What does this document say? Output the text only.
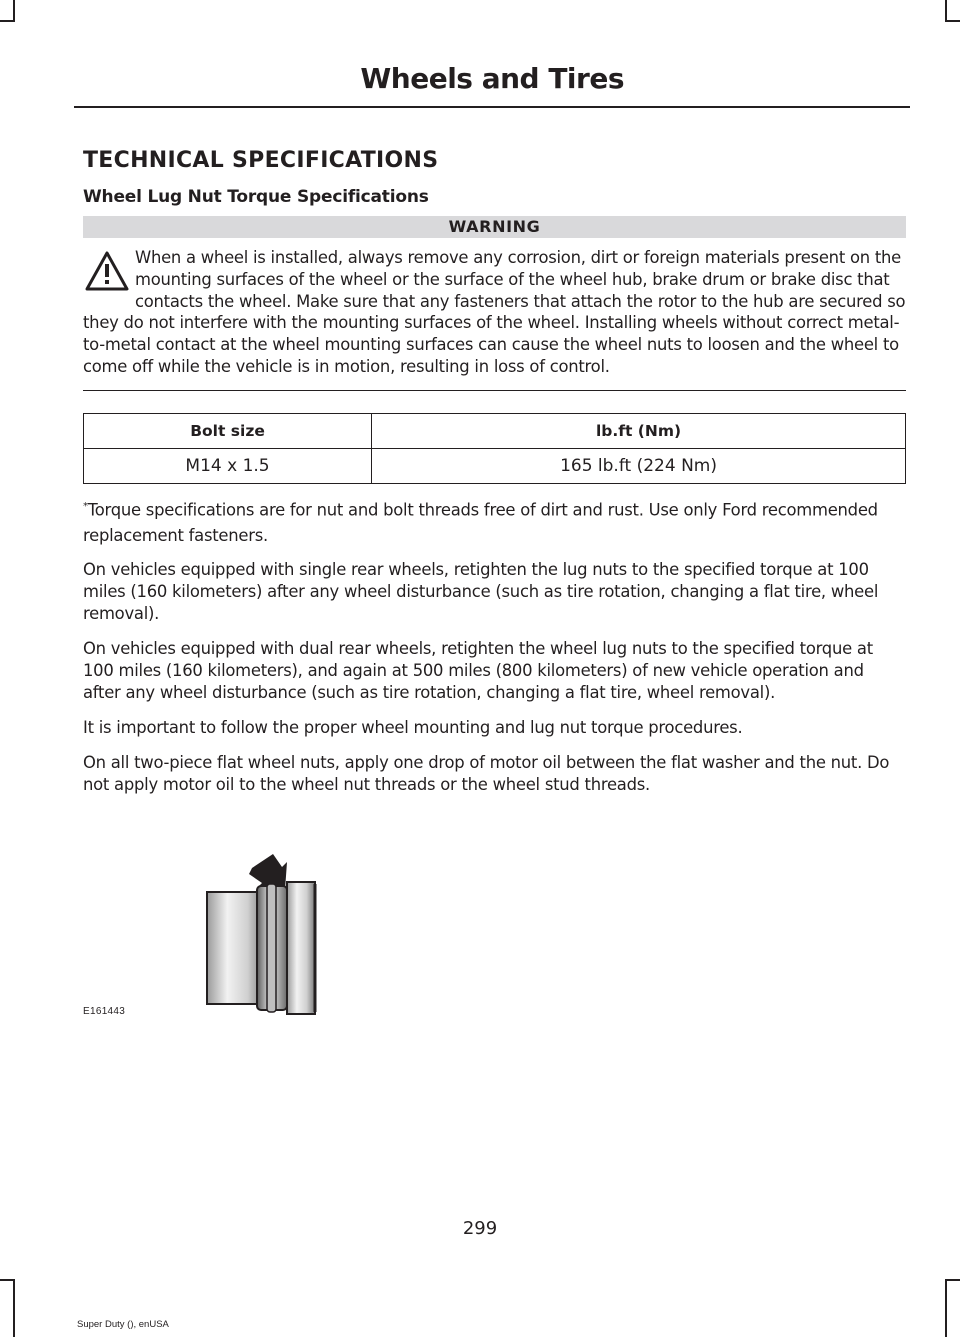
Wheels and Tires
TECHNICAL SPECIFICATIONS
Wheel Lug Nut Torque Specifications
WARNING
When a wheel is installed, always remove any corrosion, dirt or foreign materials present on the mounting surfaces of the wheel or the surface of the wheel hub, brake drum or brake disc that contacts the wheel. Make sure that any fasteners that attach the rotor to the hub are secured so they do not interfere with the mounting surfaces of the wheel. Installing wheels without correct metal-to-metal contact at the wheel mounting surfaces can cause the wheel nuts to loosen and the wheel to come off while the vehicle is in motion, resulting in loss of control.
Bolt size	lb.ft (Nm)
M14 x 1.5	165 lb.ft (224 Nm)

*Torque specifications are for nut and bolt threads free of dirt and rust. Use only Ford recommended replacement fasteners.

On vehicles equipped with single rear wheels, retighten the lug nuts to the specified torque at 100 miles (160 kilometers) after any wheel disturbance (such as tire rotation, changing a flat tire, wheel removal).

On vehicles equipped with dual rear wheels, retighten the wheel lug nuts to the specified torque at 100 miles (160 kilometers), and again at 500 miles (800 kilometers) of new vehicle operation and after any wheel disturbance (such as tire rotation, changing a flat tire, wheel removal).

It is important to follow the proper wheel mounting and lug nut torque procedures.

On all two-piece flat wheel nuts, apply one drop of motor oil between the flat washer and the nut. Do not apply motor oil to the wheel nut threads or the wheel stud threads.

E161443
299
Super Duty (), enUSA
